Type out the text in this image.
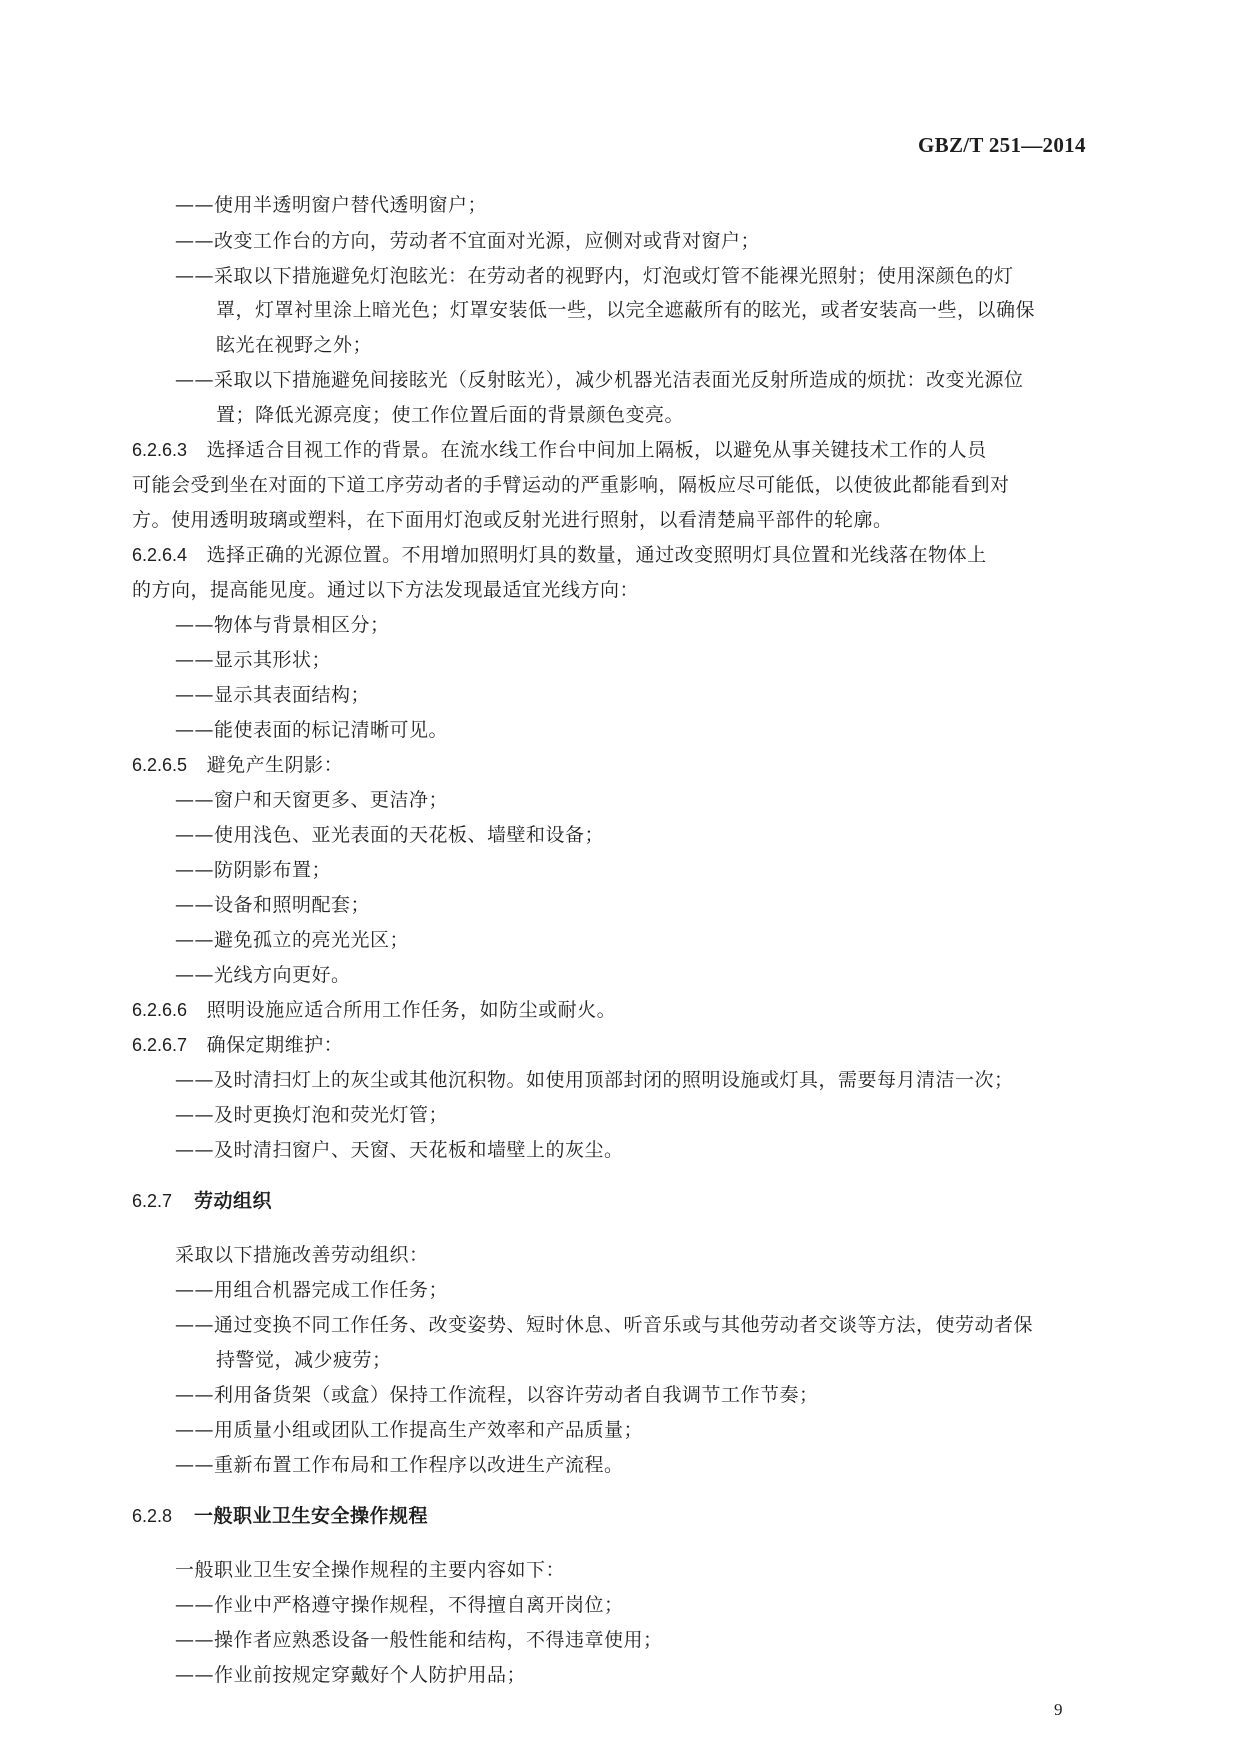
GBZ/T 251—2014
——使用半透明窗户替代透明窗户；
——改变工作台的方向，劳动者不宜面对光源，应侧对或背对窗户；
——采取以下措施避免灯泡眩光：在劳动者的视野内，灯泡或灯管不能裸光照射；使用深颜色的灯
罩，灯罩衬里涂上暗光色；灯罩安装低一些，以完全遮蔽所有的眩光，或者安装高一些，以确保
眩光在视野之外；
——采取以下措施避免间接眩光（反射眩光），减少机器光洁表面光反射所造成的烦扰：改变光源位
置；降低光源亮度；使工作位置后面的背景颜色变亮。
6.2.6.3 选择适合目视工作的背景。在流水线工作台中间加上隔板，以避免从事关键技术工作的人员
可能会受到坐在对面的下道工序劳动者的手臂运动的严重影响，隔板应尽可能低，以使彼此都能看到对
方。使用透明玻璃或塑料，在下面用灯泡或反射光进行照射，以看清楚扁平部件的轮廓。
6.2.6.4 选择正确的光源位置。不用增加照明灯具的数量，通过改变照明灯具位置和光线落在物体上
的方向，提高能见度。通过以下方法发现最适宜光线方向：
——物体与背景相区分；
——显示其形状；
——显示其表面结构；
——能使表面的标记清晰可见。
6.2.6.5 避免产生阴影：
——窗户和天窗更多、更洁净；
——使用浅色、亚光表面的天花板、墙壁和设备；
——防阴影布置；
——设备和照明配套；
——避免孤立的亮光光区；
——光线方向更好。
6.2.6.6 照明设施应适合所用工作任务，如防尘或耐火。
6.2.6.7 确保定期维护：
——及时清扫灯上的灰尘或其他沉积物。如使用顶部封闭的照明设施或灯具，需要每月清洁一次；
——及时更换灯泡和荧光灯管；
——及时清扫窗户、天窗、天花板和墙壁上的灰尘。
6.2.7 劳动组织
采取以下措施改善劳动组织：
——用组合机器完成工作任务；
——通过变换不同工作任务、改变姿势、短时休息、听音乐或与其他劳动者交谈等方法，使劳动者保
持警觉，减少疲劳；
——利用备货架（或盒）保持工作流程，以容许劳动者自我调节工作节奏；
——用质量小组或团队工作提高生产效率和产品质量；
——重新布置工作布局和工作程序以改进生产流程。
6.2.8 一般职业卫生安全操作规程
一般职业卫生安全操作规程的主要内容如下：
——作业中严格遵守操作规程，不得擅自离开岗位；
——操作者应熟悉设备一般性能和结构，不得违章使用；
——作业前按规定穿戴好个人防护用品；
9
